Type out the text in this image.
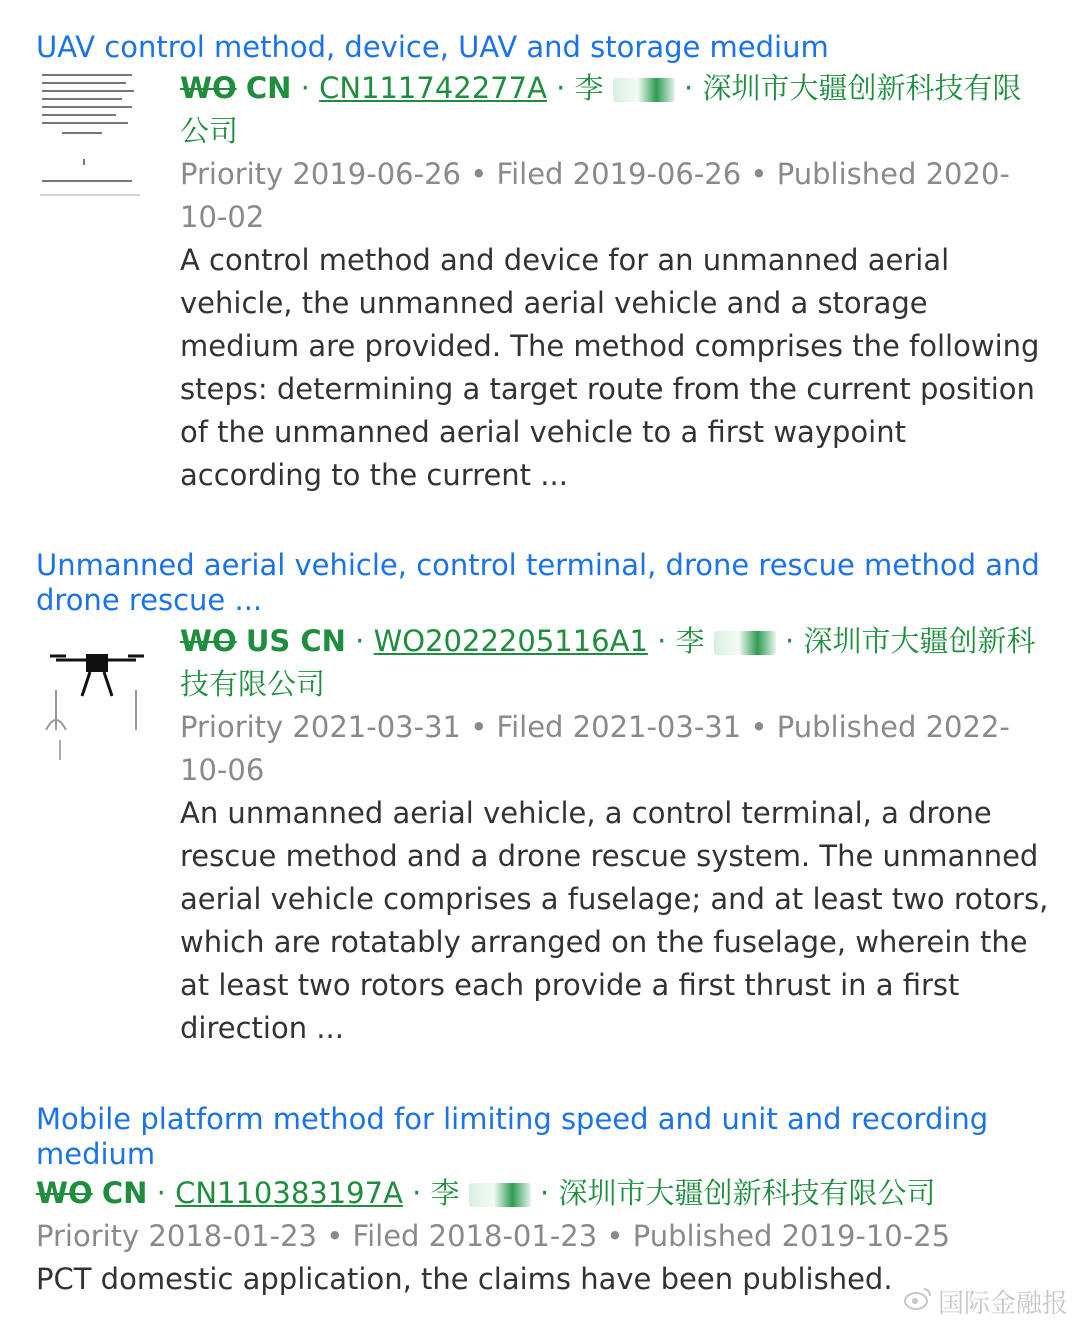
UAV control method, device, UAV and storage medium
WO CN · CN111742277A · 李	· 深圳市大疆创新科技有限公司
Priority 2019-06-26 • Filed 2019-06-26 • Published 2020-10-02
A control method and device for an unmanned aerial vehicle, the unmanned aerial vehicle and a storage medium are provided. The method comprises the following steps: determining a target route from the current position of the unmanned aerial vehicle to a first waypoint according to the current ...
Unmanned aerial vehicle, control terminal, drone rescue method and drone rescue ...
WO US CN · WO2022205116A1 · 李	· 深圳市大疆创新科技有限公司
Priority 2021-03-31 • Filed 2021-03-31 • Published 2022-10-06
An unmanned aerial vehicle, a control terminal, a drone rescue method and a drone rescue system. The unmanned aerial vehicle comprises a fuselage; and at least two rotors, which are rotatably arranged on the fuselage, wherein the at least two rotors each provide a first thrust in a first direction ...
Mobile platform method for limiting speed and unit and recording medium
WO CN · CN110383197A · 李	· 深圳市大疆创新科技有限公司
Priority 2018-01-23 • Filed 2018-01-23 • Published 2019-10-25
PCT domestic application, the claims have been published.
国际金融报
